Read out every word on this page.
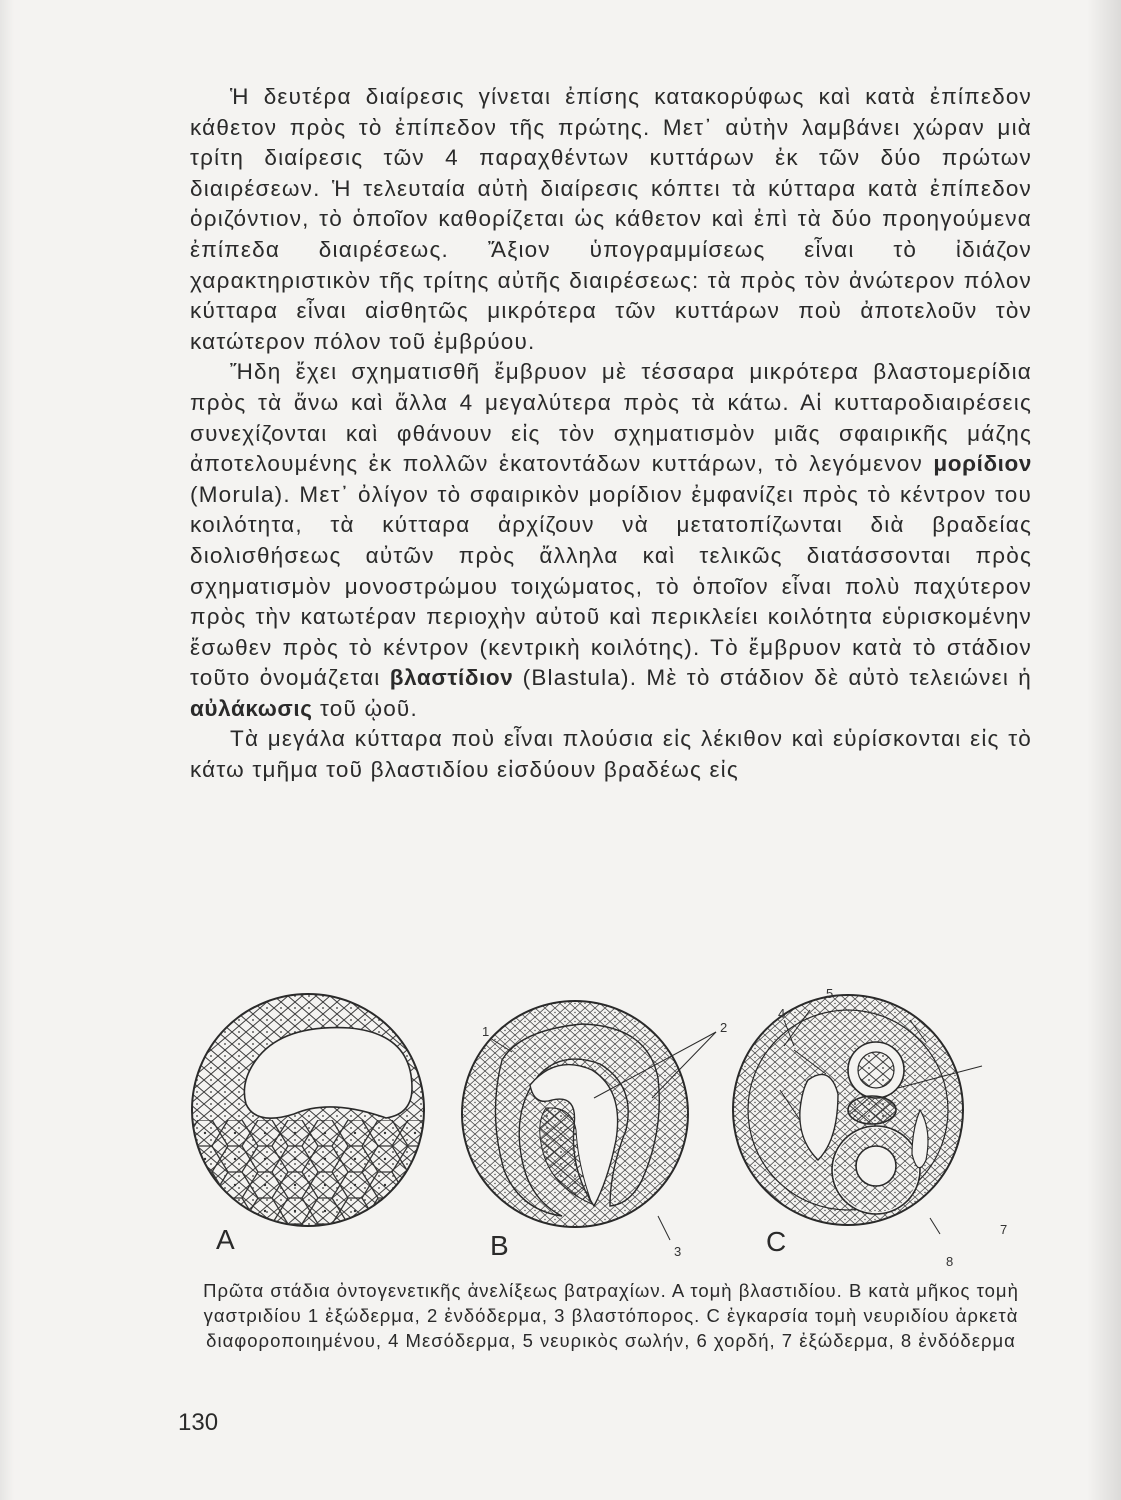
Ἡ δευτέρα διαίρεσις γίνεται ἐπίσης κατακορύφως καὶ κατὰ ἐπίπεδον κάθετον πρὸς τὸ ἐπίπεδον τῆς πρώτης. Μετ᾽ αὐτὴν λαμβάνει χώραν μιὰ τρίτη διαίρεσις τῶν 4 παραχθέντων κυττάρων ἐκ τῶν δύο πρώτων διαιρέσεων. Ἡ τελευταία αὐτὴ διαίρεσις κόπτει τὰ κύτταρα κατὰ ἐπίπεδον ὁριζόντιον, τὸ ὁποῖον καθορίζεται ὡς κάθετον καὶ ἐπὶ τὰ δύο προηγούμενα ἐπίπεδα διαιρέσεως. Ἄξιον ὑπογραμμίσεως εἶναι τὸ ἰδιάζον χαρακτηριστικὸν τῆς τρίτης αὐτῆς διαιρέσεως: τὰ πρὸς τὸν ἀνώτερον πόλον κύτταρα εἶναι αἰσθητῶς μικρότερα τῶν κυττάρων ποὺ ἀποτελοῦν τὸν κατώτερον πόλον τοῦ ἐμβρύου.

Ἤδη ἔχει σχηματισθῆ ἔμβρυον μὲ τέσσαρα μικρότερα βλαστομερίδια πρὸς τὰ ἄνω καὶ ἄλλα 4 μεγαλύτερα πρὸς τὰ κάτω. Αἱ κυτταροδιαιρέσεις συνεχίζονται καὶ φθάνουν εἰς τὸν σχηματισμὸν μιᾶς σφαιρικῆς μάζης ἀποτελουμένης ἐκ πολλῶν ἑκατοντάδων κυττάρων, τὸ λεγόμενον μορίδιον (Morula). Μετ᾽ ὀλίγον τὸ σφαιρικὸν μορίδιον ἐμφανίζει πρὸς τὸ κέντρον του κοιλότητα, τὰ κύτταρα ἀρχίζουν νὰ μετατοπίζωνται διὰ βραδείας διολισθήσεως αὐτῶν πρὸς ἄλληλα καὶ τελικῶς διατάσσονται πρὸς σχηματισμὸν μονοστρώμου τοιχώματος, τὸ ὁποῖον εἶναι πολὺ παχύτερον πρὸς τὴν κατωτέραν περιοχὴν αὐτοῦ καὶ περικλείει κοιλότητα εὑρισκομένην ἔσωθεν πρὸς τὸ κέντρον (κεντρικὴ κοιλότης). Τὸ ἔμβρυον κατὰ τὸ στάδιον τοῦτο ὀνομάζεται βλαστίδιον (Blastula). Μὲ τὸ στάδιον δὲ αὐτὸ τελειώνει ἡ αὐλάκωσις τοῦ ᾠοῦ.

Τὰ μεγάλα κύτταρα ποὺ εἶναι πλούσια εἰς λέκιθον καὶ εὑρίσκονται εἰς τὸ κάτω τμῆμα τοῦ βλαστιδίου εἰσδύουν βραδέως εἰς

A	B	C
1	2
3
4
5
7
8
Πρῶτα στάδια ὀντογενετικῆς ἀνελίξεως βατραχίων. Α τομὴ βλαστιδίου. Β κατὰ μῆκος τομὴ γαστριδίου 1 ἐξώδερμα, 2 ἐνδόδερμα, 3 βλαστόπορος. C ἐγκαρσία τομὴ νευριδίου ἀρκετὰ διαφοροποιημένου, 4 Μεσόδερμα, 5 νευρικὸς σωλήν, 6 χορδή, 7 ἐξώδερμα, 8 ἐνδόδερμα
130
